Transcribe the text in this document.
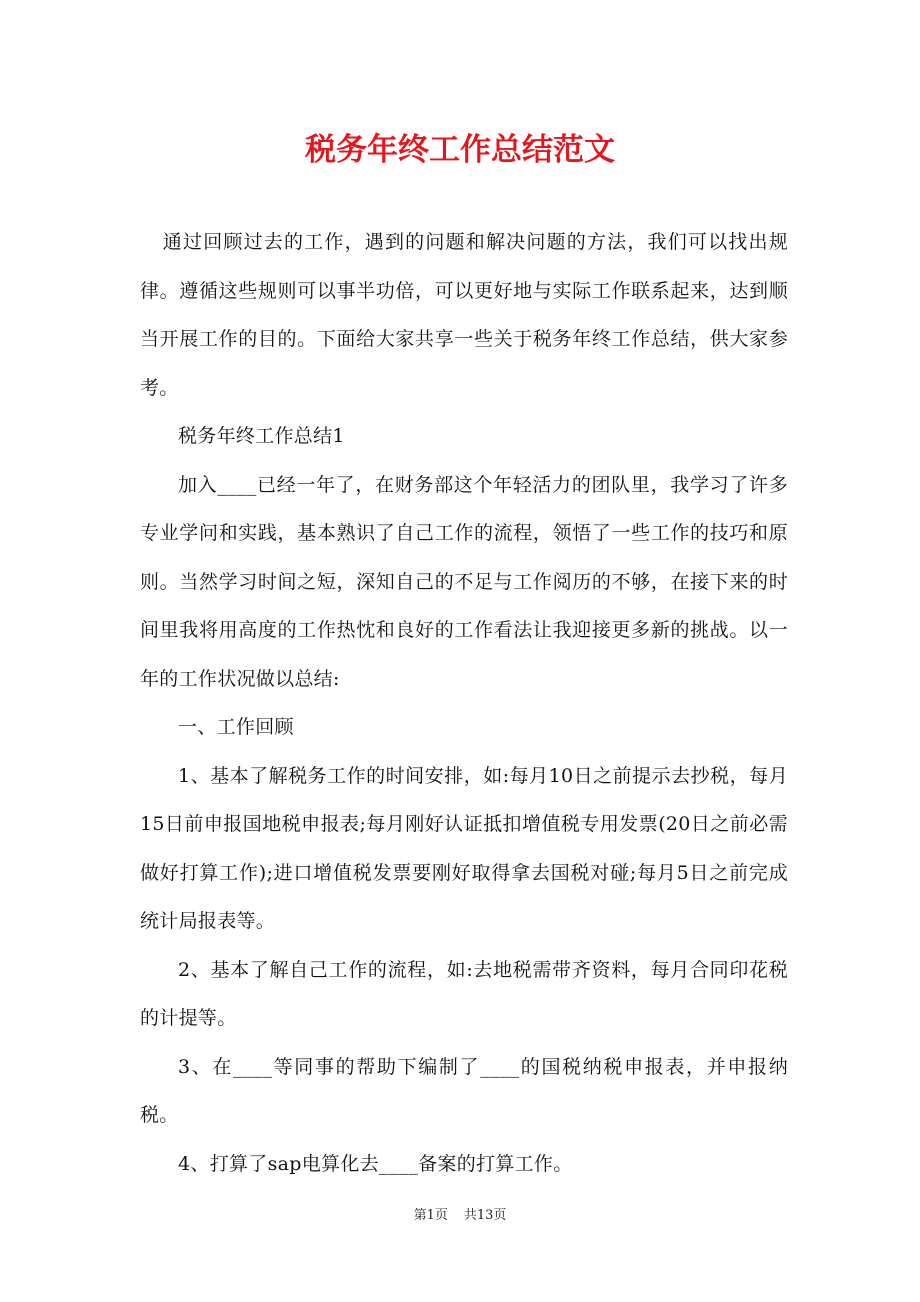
税务年终工作总结范文

通过回顾过去的工作，遇到的问题和解决问题的方法，我们可以找出规律。遵循这些规则可以事半功倍，可以更好地与实际工作联系起来，达到顺当开展工作的目的。下面给大家共享一些关于税务年终工作总结，供大家参考。

税务年终工作总结1

加入____已经一年了，在财务部这个年轻活力的团队里，我学习了许多专业学问和实践，基本熟识了自己工作的流程，领悟了一些工作的技巧和原则。当然学习时间之短，深知自己的不足与工作阅历的不够，在接下来的时间里我将用高度的工作热忱和良好的工作看法让我迎接更多新的挑战。以一年的工作状况做以总结:

一、工作回顾

1、基本了解税务工作的时间安排，如:每月10日之前提示去抄税，每月15日前申报国地税申报表;每月刚好认证抵扣增值税专用发票(20日之前必需做好打算工作);进口增值税发票要刚好取得拿去国税对碰;每月5日之前完成统计局报表等。

2、基本了解自己工作的流程，如:去地税需带齐资料，每月合同印花税的计提等。

3、在____等同事的帮助下编制了____的国税纳税申报表，并申报纳税。

4、打算了sap电算化去____备案的打算工作。

第1页 共13页
